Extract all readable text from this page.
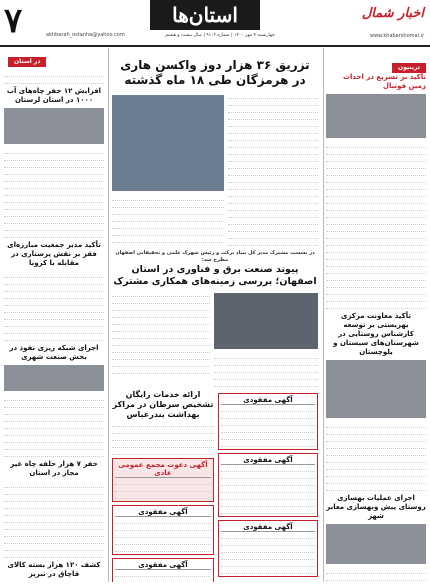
۷	akhbarah_ostanha@yahoo.com
استان‌ها
چهارشنبه ۴ مهر ۱۴۰۰ | شماره ۹۱۰۳ | سال بیست و هشتم
اخبار شمال
www.khabarshomal.ir
ترینیون
در استان
تأکید بر تسریع در احداث زمین فوتبال
تأکید معاونت مرکزی بهزیستی بر توسعه کارشناس روستایی در شهرستان‌های سیستان و بلوچستان
اجرای عملیات بهسازی روستای پیش وبهسازی معابر شهر
افزایش ۱۲ حفر چاه‌های آب ۱۰۰۰ در استان لرستان
تأکید مدیر جمعیت مبارزه‌ای فقر بر نقش پرستاری در مقابله با کرونا
اجرای شبکه ریزی نفوذ در بخش صنعت شهری
حفر ۷ هزار حلقه چاه غیر مجاز در استان
کشف ۱۲۰ هزار بسته کالای قاچاق در تبریز
تزریق ۳۶ هزار دوز واکسن هاری در هرمزگان طی ۱۸ ماه گذشته
در نشست مشترک مدیر کل بنیاد برکت و رئیس شهرک علمی و تحقیقاتی اصفهان مطرح شد:
پیوند صنعت برق و فناوری در استان اصفهان؛ بررسی زمینه‌های همکاری مشترک
آگهی مفقودی
آگهی مفقودی
آگهی مفقودی
ارائه خدمات رایگان تشخیص سرطان در مراکز بهداشت بندرعباس
آگهی دعوت مجمع عمومی عادی
آگهی مفقودی
آگهی مفقودی
